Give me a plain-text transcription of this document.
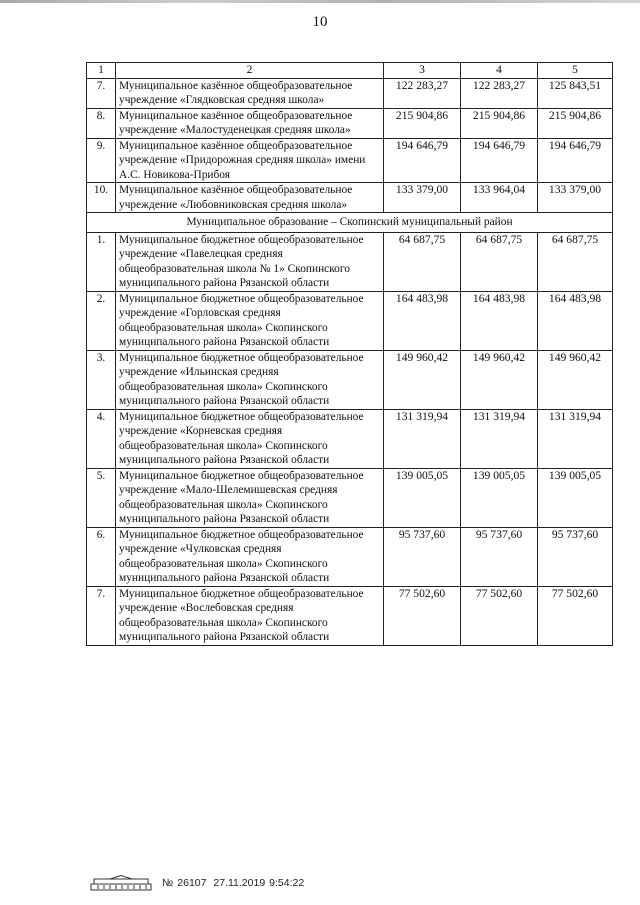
10
1	2	3	4	5
7.	Муниципальное казённое общеобразовательное учреждение «Глядковская средняя школа»	122 283,27	122 283,27	125 843,51
8.	Муниципальное казённое общеобразовательное учреждение «Малостуденецкая средняя школа»	215 904,86	215 904,86	215 904,86
9.	Муниципальное казённое общеобразовательное учреждение «Придорожная средняя школа» имени А.С. Новикова-Прибоя	194 646,79	194 646,79	194 646,79
10.	Муниципальное казённое общеобразовательное учреждение «Любовниковская средняя школа»	133 379,00	133 964,04	133 379,00
Муниципальное образование – Скопинский муниципальный район				
1.	Муниципальное бюджетное общеобразовательное учреждение «Павелецкая средняя общеобразовательная школа № 1» Скопинского муниципального района Рязанской области	64 687,75	64 687,75	64 687,75
2.	Муниципальное бюджетное общеобразовательное учреждение «Горловская средняя общеобразовательная школа» Скопинского муниципального района Рязанской области	164 483,98	164 483,98	164 483,98
3.	Муниципальное бюджетное общеобразовательное учреждение «Ильинская средняя общеобразовательная школа» Скопинского муниципального района Рязанской области	149 960,42	149 960,42	149 960,42
4.	Муниципальное бюджетное общеобразовательное учреждение «Корневская средняя общеобразовательная школа» Скопинского муниципального района Рязанской области	131 319,94	131 319,94	131 319,94
5.	Муниципальное бюджетное общеобразовательное учреждение «Мало-Шелемишевская средняя общеобразовательная школа» Скопинского муниципального района Рязанской области	139 005,05	139 005,05	139 005,05
6.	Муниципальное бюджетное общеобразовательное учреждение «Чулковская средняя общеобразовательная школа» Скопинского муниципального района Рязанской области	95 737,60	95 737,60	95 737,60
7.	Муниципальное бюджетное общеобразовательное учреждение «Вослебовская средняя общеобразовательная школа» Скопинского муниципального района Рязанской области	77 502,60	77 502,60	77 502,60
№ 26107 27.11.2019 9:54:22
